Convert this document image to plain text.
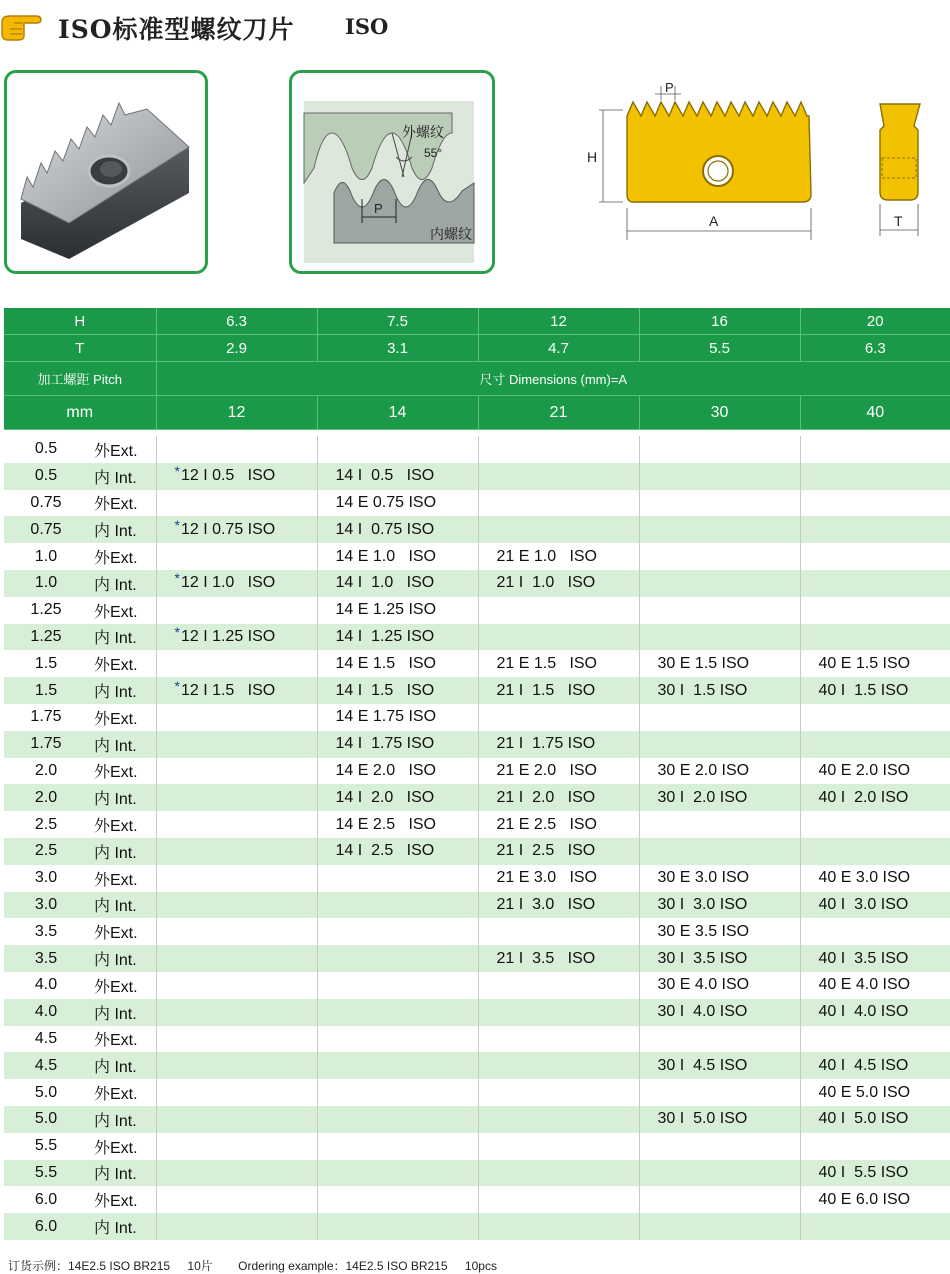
ISO标准型螺纹刀片 ISO
外螺纹
55°
P
内螺纹
H
A
P
T
H		6.3	7.5	12	16	20
T		2.9	3.1	4.7	5.5	6.3
加工螺距 Pitch		尺寸 Dimensions (mm)=A				
mm		12	14	21	30	40

0.5	外Ext.					
0.5	内 Int.	*12 I 0.5   ISO	14 I  0.5   ISO			
0.75	外Ext.		14 E 0.75 ISO			
0.75	内 Int.	*12 I 0.75 ISO	14 I  0.75 ISO			
1.0	外Ext.		14 E 1.0   ISO	21 E 1.0   ISO		
1.0	内 Int.	*12 I 1.0   ISO	14 I  1.0   ISO	21 I  1.0   ISO		
1.25	外Ext.		14 E 1.25 ISO			
1.25	内 Int.	*12 I 1.25 ISO	14 I  1.25 ISO			
1.5	外Ext.		14 E 1.5   ISO	21 E 1.5   ISO	30 E 1.5 ISO	40 E 1.5 ISO
1.5	内 Int.	*12 I 1.5   ISO	14 I  1.5   ISO	21 I  1.5   ISO	30 I  1.5 ISO	40 I  1.5 ISO
1.75	外Ext.		14 E 1.75 ISO			
1.75	内 Int.		14 I  1.75 ISO	21 I  1.75 ISO		
2.0	外Ext.		14 E 2.0   ISO	21 E 2.0   ISO	30 E 2.0 ISO	40 E 2.0 ISO
2.0	内 Int.		14 I  2.0   ISO	21 I  2.0   ISO	30 I  2.0 ISO	40 I  2.0 ISO
2.5	外Ext.		14 E 2.5   ISO	21 E 2.5   ISO		
2.5	内 Int.		14 I  2.5   ISO	21 I  2.5   ISO		
3.0	外Ext.			21 E 3.0   ISO	30 E 3.0 ISO	40 E 3.0 ISO
3.0	内 Int.			21 I  3.0   ISO	30 I  3.0 ISO	40 I  3.0 ISO
3.5	外Ext.				30 E 3.5 ISO	
3.5	内 Int.			21 I  3.5   ISO	30 I  3.5 ISO	40 I  3.5 ISO
4.0	外Ext.				30 E 4.0 ISO	40 E 4.0 ISO
4.0	内 Int.				30 I  4.0 ISO	40 I  4.0 ISO
4.5	外Ext.					
4.5	内 Int.				30 I  4.5 ISO	40 I  4.5 ISO
5.0	外Ext.					40 E 5.0 ISO
5.0	内 Int.				30 I  5.0 ISO	40 I  5.0 ISO
5.5	外Ext.					
5.5	内 Int.					40 I  5.5 ISO
6.0	外Ext.					40 E 6.0 ISO
6.0	内 Int.					
订货示例：14E2.5 ISO BR215 10片 Ordering example：14E2.5 ISO BR215 10pcs
